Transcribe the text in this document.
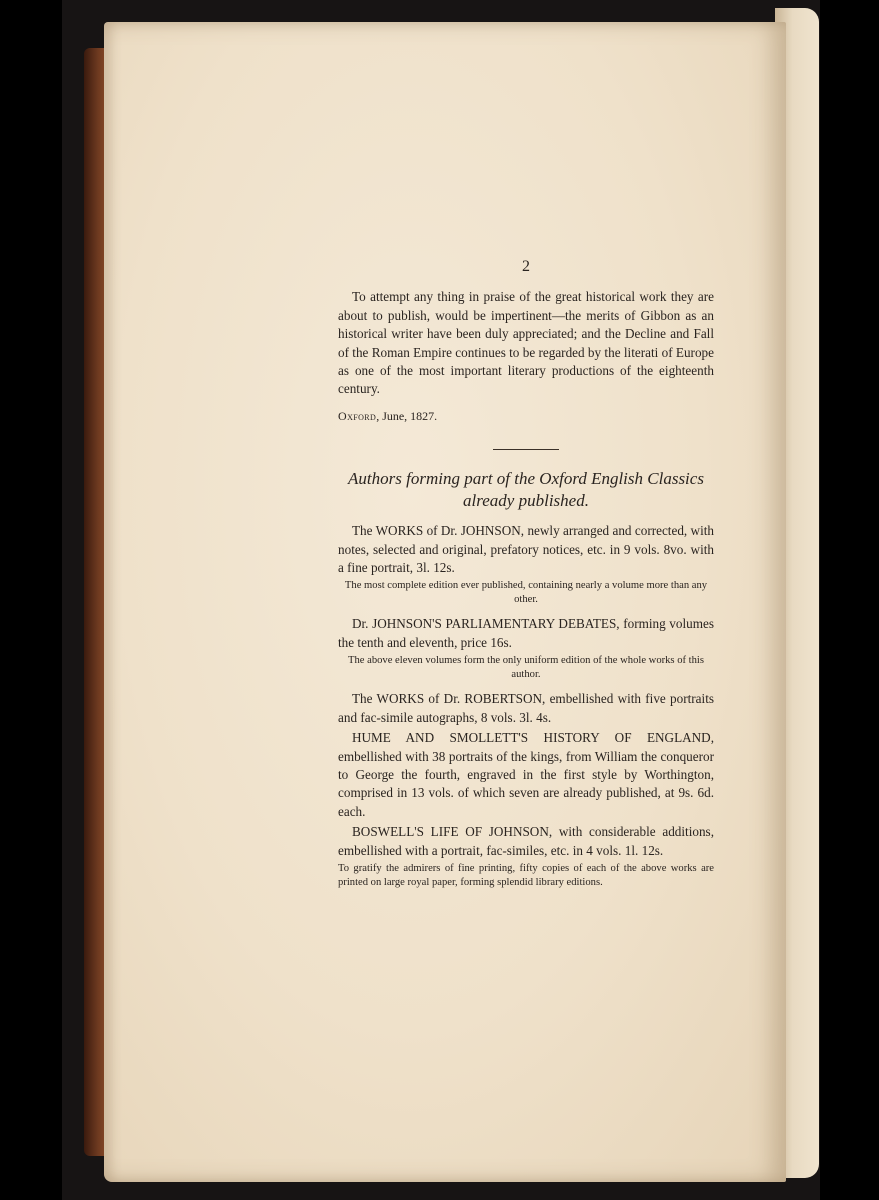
2

To attempt any thing in praise of the great historical work they are about to publish, would be impertinent—the merits of Gibbon as an historical writer have been duly appreciated; and the Decline and Fall of the Roman Empire continues to be regarded by the literati of Europe as one of the most important literary productions of the eighteenth century.

Oxford, June, 1827.

Authors forming part of the Oxford English Classics
already published.

The WORKS of Dr. JOHNSON, newly arranged and corrected, with notes, selected and original, prefatory notices, etc. in 9 vols. 8vo. with a fine portrait, 3l. 12s.

The most complete edition ever published, containing nearly a volume more than any other.

Dr. JOHNSON'S PARLIAMENTARY DEBATES, forming volumes the tenth and eleventh, price 16s.

The above eleven volumes form the only uniform edition of the whole works of this author.

The WORKS of Dr. ROBERTSON, embellished with five portraits and fac-simile autographs, 8 vols. 3l. 4s.

HUME AND SMOLLETT'S HISTORY OF ENGLAND, embellished with 38 portraits of the kings, from William the conqueror to George the fourth, engraved in the first style by Worthington, comprised in 13 vols. of which seven are already published, at 9s. 6d. each.

BOSWELL'S LIFE OF JOHNSON, with considerable additions, embellished with a portrait, fac-similes, etc. in 4 vols. 1l. 12s.

To gratify the admirers of fine printing, fifty copies of each of the above works are printed on large royal paper, forming splendid library editions.
